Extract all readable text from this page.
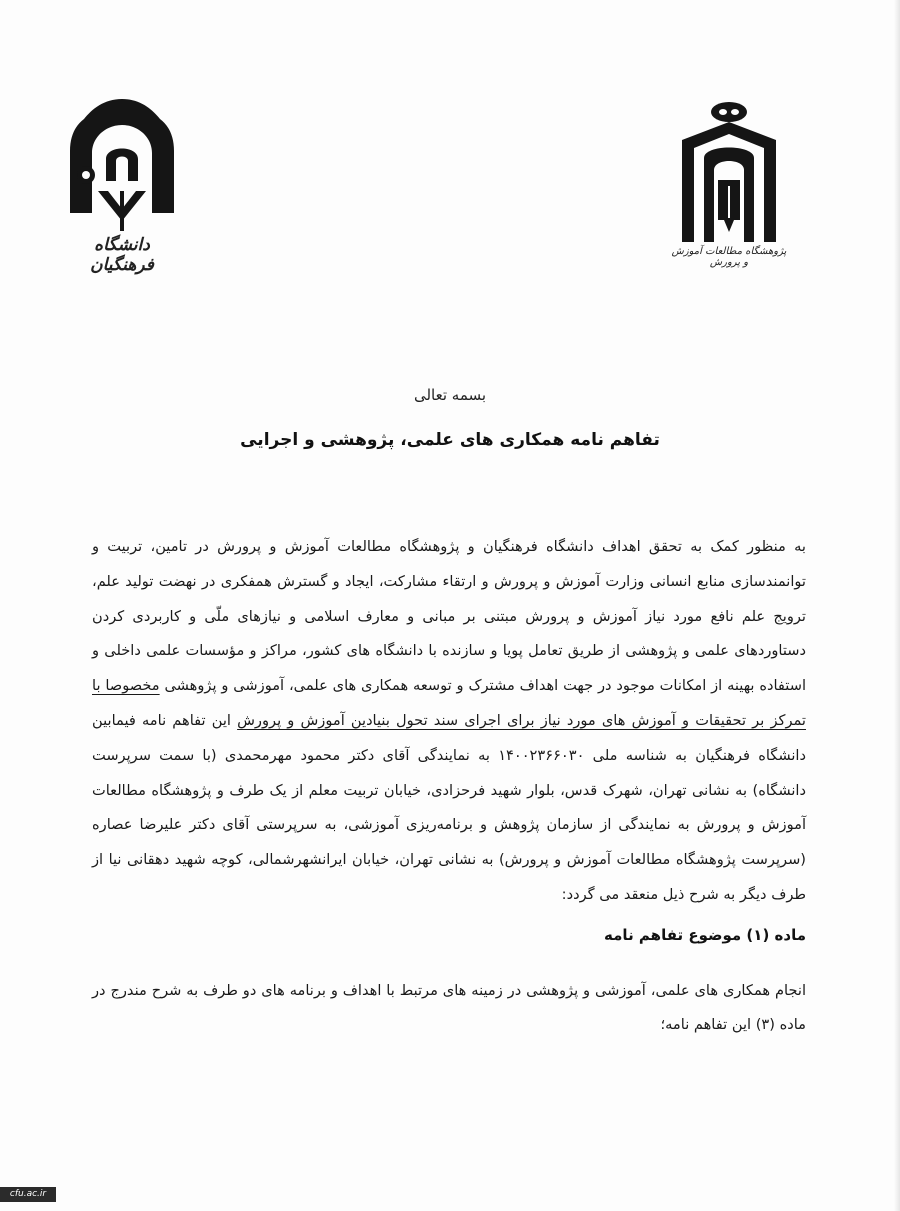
دانشگاه فرهنگیان
پژوهشگاه مطالعات آموزش و پرورش
بسمه تعالی
تفاهم نامه همکاری های علمی، پژوهشی و اجرایی
به منظور کمک به تحقق اهداف دانشگاه فرهنگیان و پژوهشگاه مطالعات آموزش و پرورش در تامین، تربیت و توانمندسازی منابع انسانی وزارت آموزش و پرورش و ارتقاء مشارکت، ایجاد و گسترش همفکری در نهضت تولید علم، ترویج علم نافع مورد نیاز آموزش و پرورش مبتنی بر مبانی و معارف اسلامی و نیازهای ملّی و کاربردی کردن دستاوردهای علمی و پژوهشی از طریق تعامل پویا و سازنده با دانشگاه های کشور، مراکز و مؤسسات علمی داخلی و استفاده بهینه از امکانات موجود در جهت اهداف مشترک و توسعه همکاری های علمی، آموزشی و پژوهشی مخصوصا با تمرکز بر تحقیقات و آموزش های مورد نیاز برای اجرای سند تحول بنیادین آموزش و پرورش این تفاهم نامه فیمابین دانشگاه فرهنگیان به شناسه ملی ۱۴۰۰۲۳۶۶۰۳۰ به نمایندگی آقای دکتر محمود مهرمحمدی (با سمت سرپرست دانشگاه) به نشانی تهران، شهرک قدس، بلوار شهید فرحزادی، خیابان تربیت معلم از یک طرف و پژوهشگاه مطالعات آموزش و پرورش به نمایندگی از سازمان پژوهش و برنامه‌ریزی آموزشی، به سرپرستی آقای دکتر علیرضا عصاره (سرپرست پژوهشگاه مطالعات آموزش و پرورش) به نشانی تهران، خیابان ایرانشهرشمالی، کوچه شهید دهقانی نیا از طرف دیگر به شرح ذیل منعقد می گردد:
ماده (۱) موضوع تفاهم نامه
انجام همکاری های علمی، آموزشی و پژوهشی در زمینه های مرتبط با اهداف و برنامه های دو طرف به شرح مندرج در ماده (۳) این تفاهم نامه؛
cfu.ac.ir
